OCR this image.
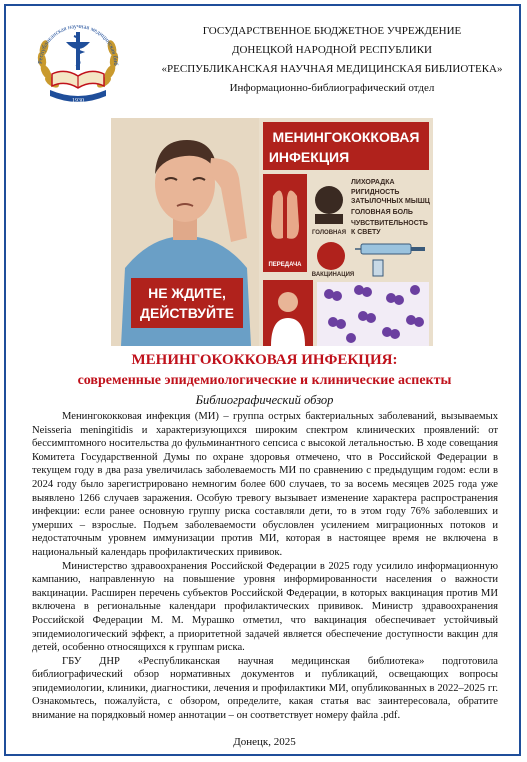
Республиканская научная медицинская биб
1930
ГОСУДАРСТВЕННОЕ БЮДЖЕТНОЕ УЧРЕЖДЕНИЕ
ДОНЕЦКОЙ НАРОДНОЙ РЕСПУБЛИКИ
«РЕСПУБЛИКАНСКАЯ НАУЧНАЯ МЕДИЦИНСКАЯ БИБЛИОТЕКА»
Информационно-библиографический отдел
НЕ ЖДИТЕ,
ДЕЙСТВУЙТЕ
МЕНИНГОКОККОВАЯ
ИНФЕКЦИЯ
ПЕРЕДАЧА
ГОЛОВНАЯ
ЛИХОРАДКА
РИГИДНОСТЬ
ЗАТЫЛОЧНЫХ МЫШЦ
ГОЛОВНАЯ БОЛЬ
ЧУВСТВИТЕЛЬНОСТЬ
К СВЕТУ
ВАКЦИНАЦИЯ
МЕНИНГОКОККОВАЯ ИНФЕКЦИЯ:
современные эпидемиологические и клинические аспекты
Библиографический обзор

Менингококковая инфекция (МИ) – группа острых бактериальных заболеваний, вызываемых Neisseria meningitidis и характеризующихся широким спектром клинических проявлений: от бессимптомного носительства до фульминантного сепсиса с высокой летальностью. В ходе совещания Комитета Государственной Думы по охране здоровья отмечено, что в Российской Федерации в текущем году в два раза увеличилась заболеваемость МИ по сравнению с предыдущим годом: если в 2024 году было зарегистрировано немногим более 600 случаев, то за восемь месяцев 2025 года уже выявлено 1266 случаев заражения. Особую тревогу вызывает изменение характера распространения инфекции: если ранее основную группу риска составляли дети, то в этом году 76% заболевших и умерших – взрослые. Подъем заболеваемости обусловлен усилением миграционных потоков и недостаточным уровнем иммунизации против МИ, которая в настоящее время не включена в национальный календарь профилактических прививок.

Министерство здравоохранения Российской Федерации в 2025 году усилило информационную кампанию, направленную на повышение уровня информированности населения о важности вакцинации. Расширен перечень субъектов Российской Федерации, в которых вакцинация против МИ включена в региональные календари профилактических прививок. Министр здравоохранения Российской Федерации М. М. Мурашко отметил, что вакцинация обеспечивает устойчивый эпидемиологический эффект, а приоритетной задачей является обеспечение доступности вакцин для детей, особенно относящихся к группам риска.

ГБУ ДНР «Республиканская научная медицинская библиотека» подготовила библиографический обзор нормативных документов и публикаций, освещающих вопросы эпидемиологии, клиники, диагностики, лечения и профилактики МИ, опубликованных в 2022–2025 гг. Ознакомьтесь, пожалуйста, с обзором, определите, какая статья вас заинтересовала, обратите внимание на порядковый номер аннотации – он соответствует номеру файла .pdf.

Донецк, 2025
